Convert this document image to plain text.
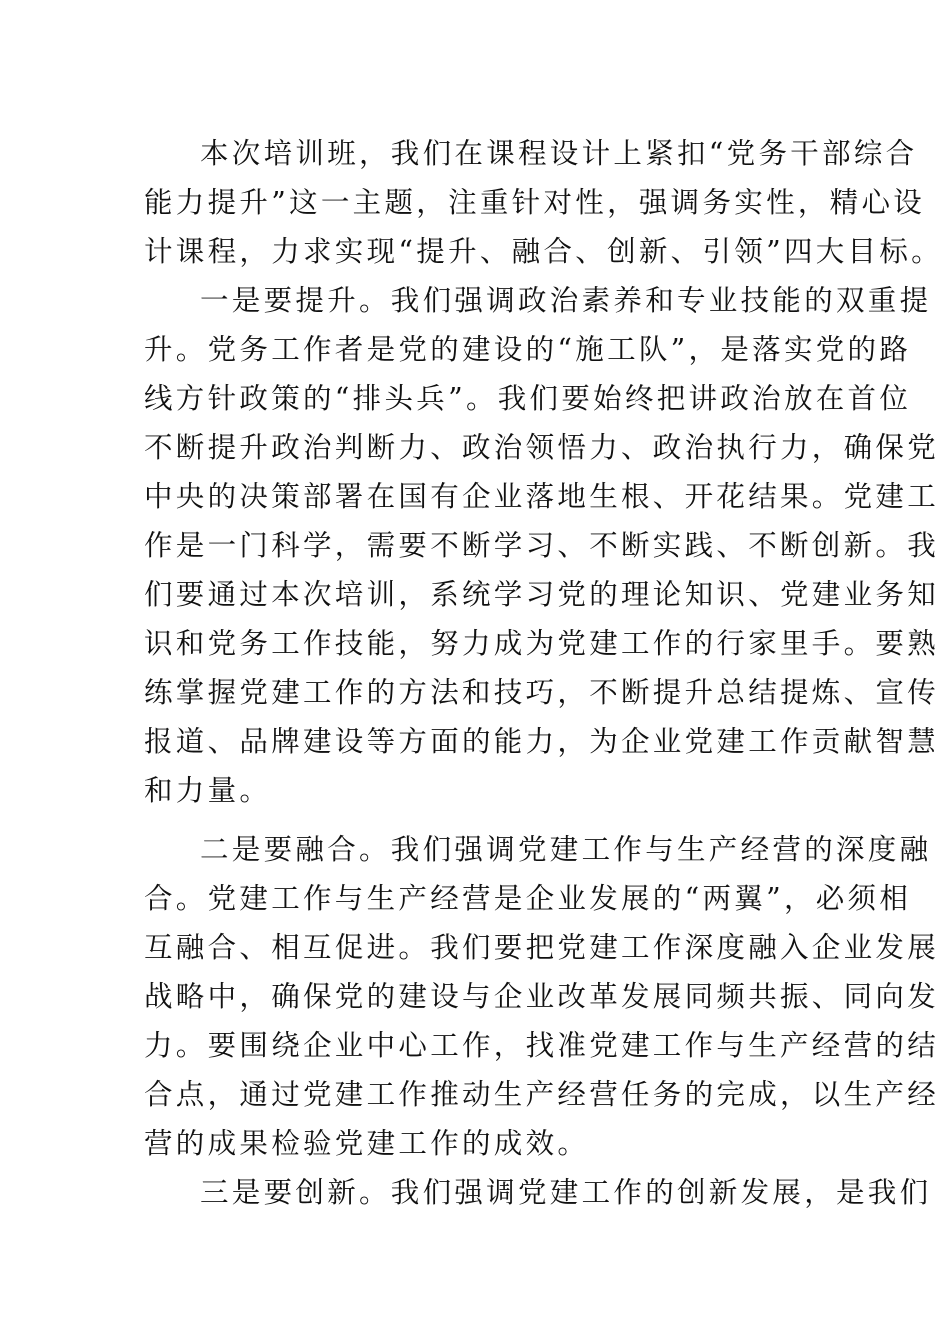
本次培训班，我们在课程设计上紧扣“党务干部综合
能力提升”这一主题，注重针对性，强调务实性，精心设
计课程，力求实现“提升、融合、创新、引领”四大目标。
一是要提升。我们强调政治素养和专业技能的双重提
升。党务工作者是党的建设的“施工队”，是落实党的路
线方针政策的“排头兵”。我们要始终把讲政治放在首位
不断提升政治判断力、政治领悟力、政治执行力，确保党
中央的决策部署在国有企业落地生根、开花结果。党建工
作是一门科学，需要不断学习、不断实践、不断创新。我
们要通过本次培训，系统学习党的理论知识、党建业务知
识和党务工作技能，努力成为党建工作的行家里手。要熟
练掌握党建工作的方法和技巧，不断提升总结提炼、宣传
报道、品牌建设等方面的能力，为企业党建工作贡献智慧
和力量。
二是要融合。我们强调党建工作与生产经营的深度融
合。党建工作与生产经营是企业发展的“两翼”，必须相
互融合、相互促进。我们要把党建工作深度融入企业发展
战略中，确保党的建设与企业改革发展同频共振、同向发
力。要围绕企业中心工作，找准党建工作与生产经营的结
合点，通过党建工作推动生产经营任务的完成，以生产经
营的成果检验党建工作的成效。
三是要创新。我们强调党建工作的创新发展，是我们
